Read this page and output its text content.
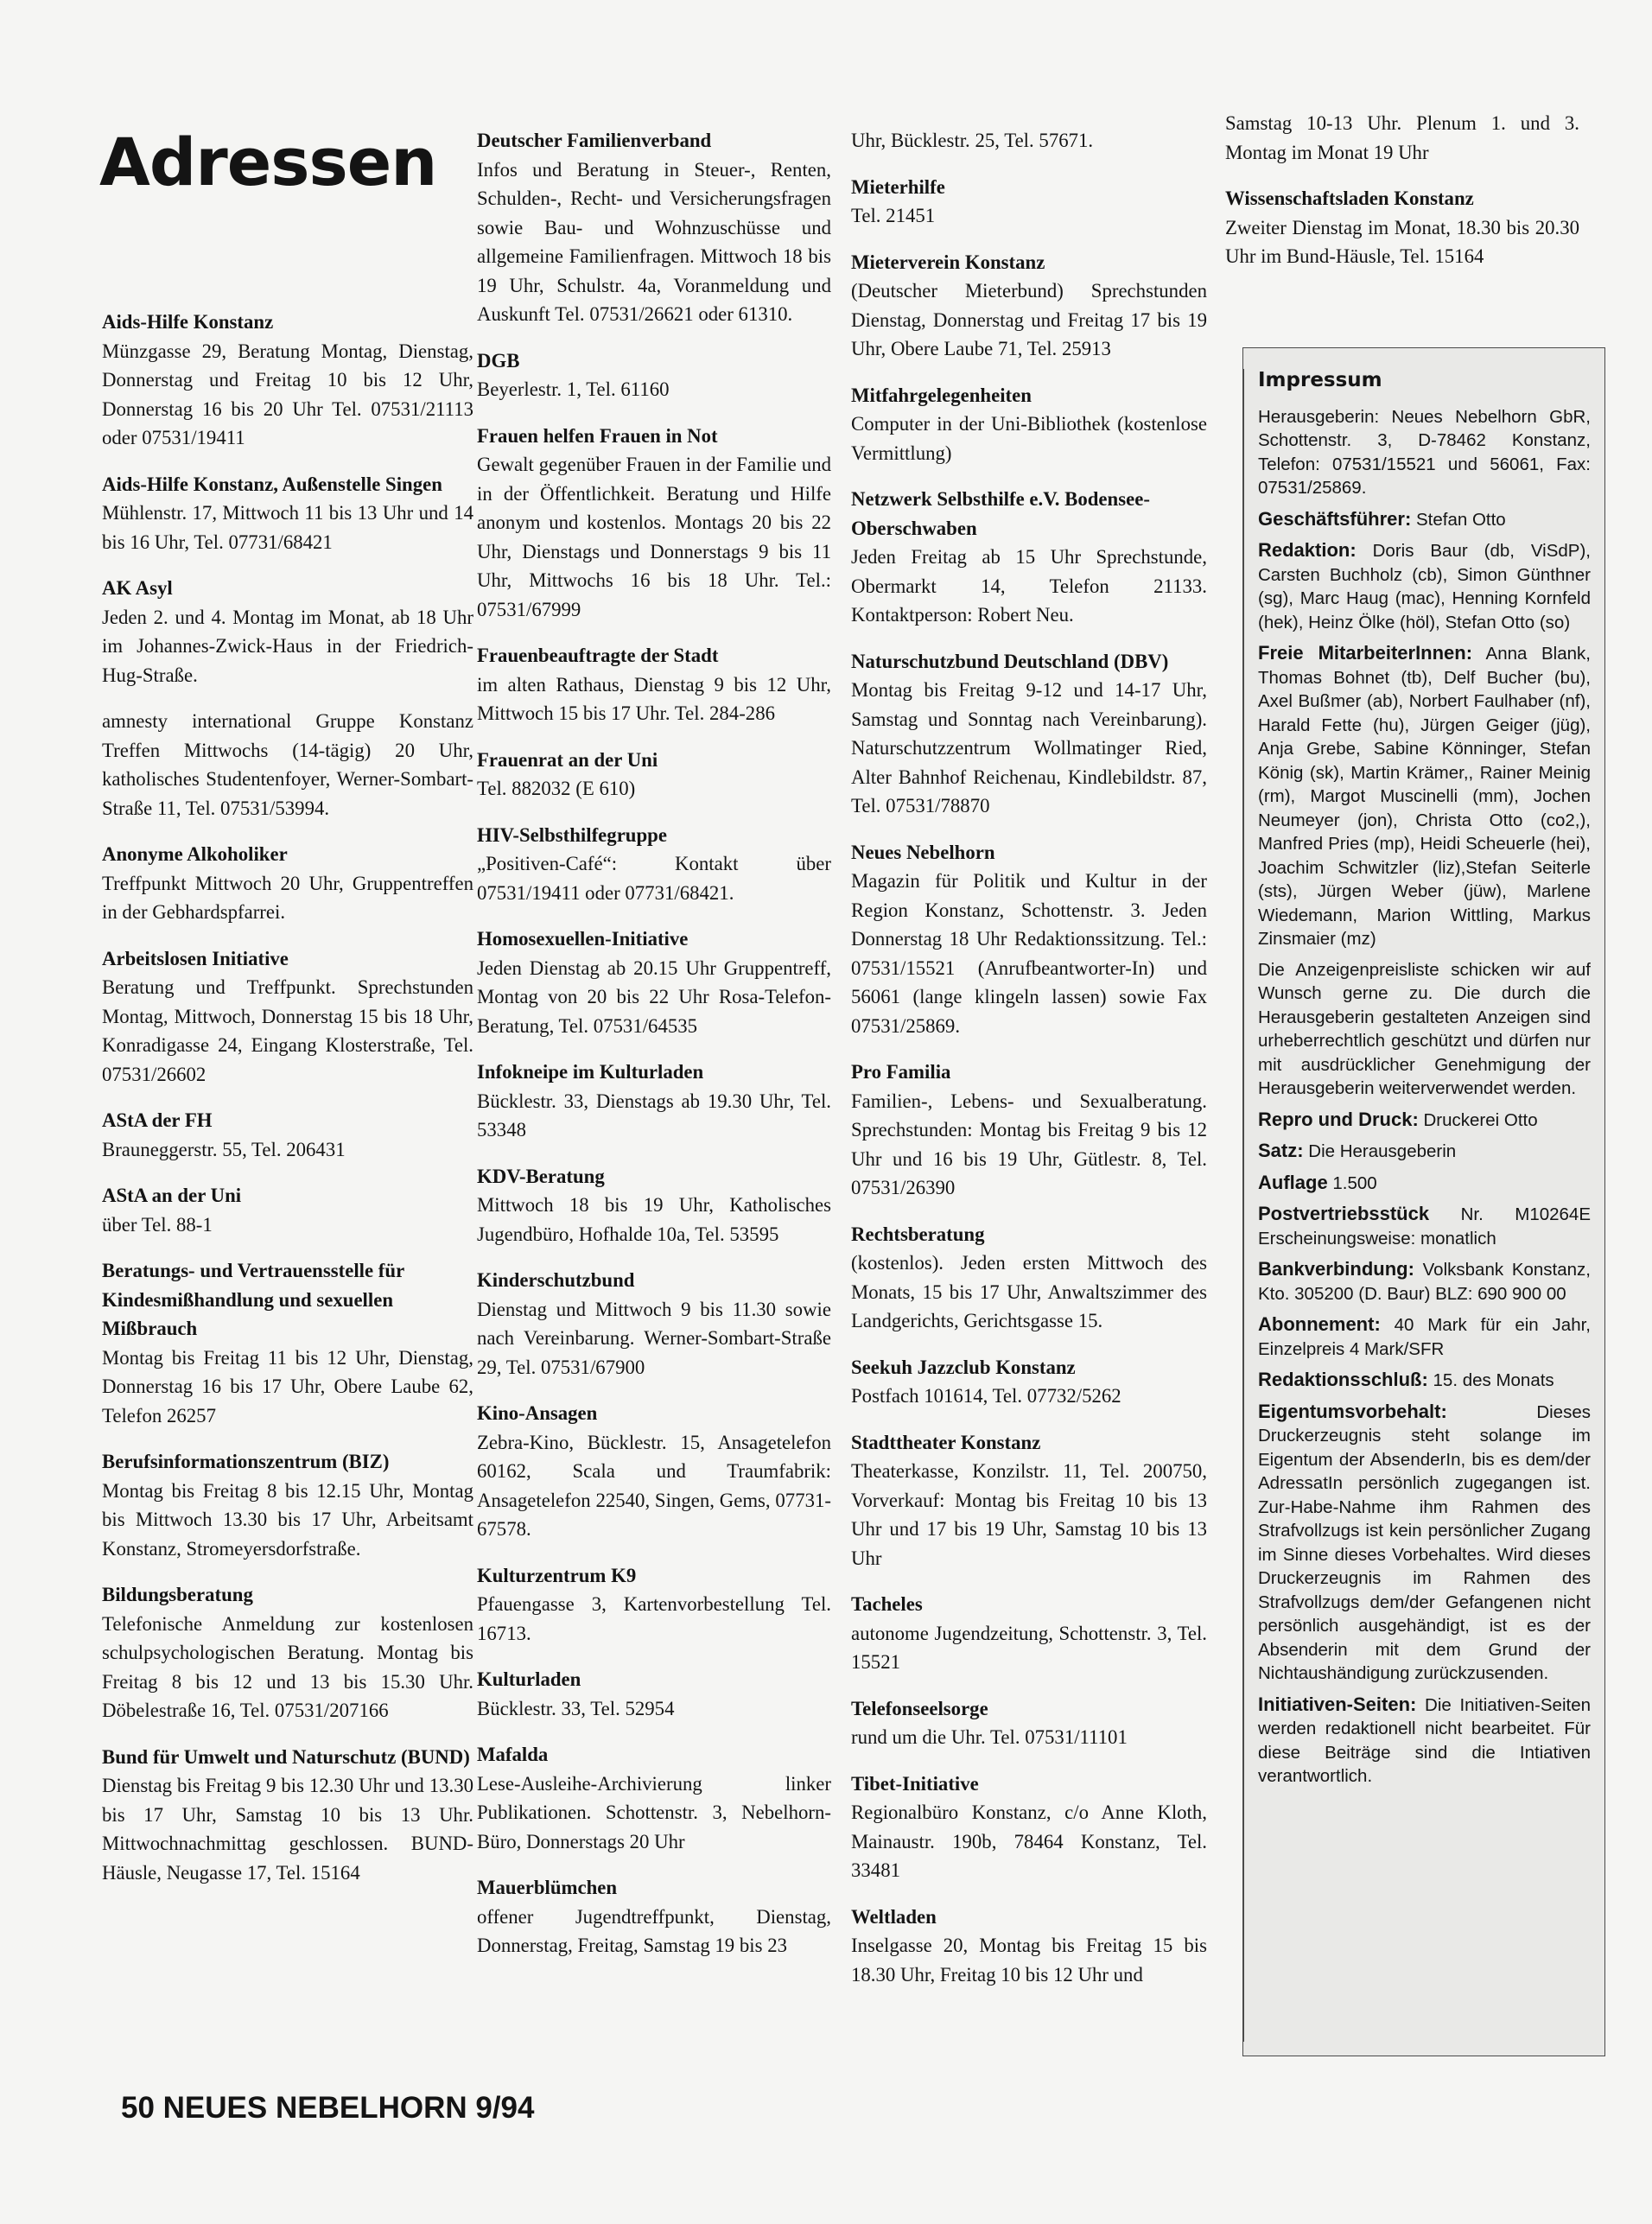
Adressen
Aids-Hilfe Konstanz
Münzgasse 29, Beratung Montag, Dienstag, Donnerstag und Freitag 10 bis 12 Uhr, Donnerstag 16 bis 20 Uhr Tel. 07531/21113 oder 07531/19411
Aids-Hilfe Konstanz, Außenstelle Singen
Mühlenstr. 17, Mittwoch 11 bis 13 Uhr und 14 bis 16 Uhr, Tel. 07731/68421
AK Asyl
Jeden 2. und 4. Montag im Monat, ab 18 Uhr im Johannes-Zwick-Haus in der Friedrich-Hug-Straße.
amnesty international Gruppe Konstanz Treffen Mittwochs (14-tägig) 20 Uhr, katholisches Studentenfoyer, Werner-Sombart-Straße 11, Tel. 07531/53994.
Anonyme Alkoholiker
Treffpunkt Mittwoch 20 Uhr, Gruppentreffen in der Gebhardspfarrei.
Arbeitslosen Initiative
Beratung und Treffpunkt. Sprechstunden Montag, Mittwoch, Donnerstag 15 bis 18 Uhr, Konradigasse 24, Eingang Klosterstraße, Tel. 07531/26602
AStA der FH
Brauneggerstr. 55, Tel. 206431
AStA an der Uni
über Tel. 88-1
Beratungs- und Vertrauensstelle für Kindesmißhandlung und sexuellen Mißbrauch
Montag bis Freitag 11 bis 12 Uhr, Dienstag, Donnerstag 16 bis 17 Uhr, Obere Laube 62, Telefon 26257
Berufsinformationszentrum (BIZ)
Montag bis Freitag 8 bis 12.15 Uhr, Montag bis Mittwoch 13.30 bis 17 Uhr, Arbeitsamt Konstanz, Stromeyersdorfstraße.
Bildungsberatung
Telefonische Anmeldung zur kostenlosen schulpsychologischen Beratung. Montag bis Freitag 8 bis 12 und 13 bis 15.30 Uhr. Döbelestraße 16, Tel. 07531/207166
Bund für Umwelt und Naturschutz (BUND)
Dienstag bis Freitag 9 bis 12.30 Uhr und 13.30 bis 17 Uhr, Samstag 10 bis 13 Uhr. Mittwochnachmittag geschlossen. BUND-Häusle, Neugasse 17, Tel. 15164
Deutscher Familienverband
Infos und Beratung in Steuer-, Renten, Schulden-, Recht- und Versicherungsfragen sowie Bau- und Wohnzuschüsse und allgemeine Familienfragen. Mittwoch 18 bis 19 Uhr, Schulstr. 4a, Voranmeldung und Auskunft Tel. 07531/26621 oder 61310.
DGB
Beyerlestr. 1, Tel. 61160
Frauen helfen Frauen in Not
Gewalt gegenüber Frauen in der Familie und in der Öffentlichkeit. Beratung und Hilfe anonym und kostenlos. Montags 20 bis 22 Uhr, Dienstags und Donnerstags 9 bis 11 Uhr, Mittwochs 16 bis 18 Uhr. Tel.: 07531/67999
Frauenbeauftragte der Stadt
im alten Rathaus, Dienstag 9 bis 12 Uhr, Mittwoch 15 bis 17 Uhr. Tel. 284-286
Frauenrat an der Uni
Tel. 882032 (E 610)
HIV-Selbsthilfegruppe
„Positiven-Café“: Kontakt über 07531/19411 oder 07731/68421.
Homosexuellen-Initiative
Jeden Dienstag ab 20.15 Uhr Gruppentreff, Montag von 20 bis 22 Uhr Rosa-Telefon-Beratung, Tel. 07531/64535
Infokneipe im Kulturladen
Bücklestr. 33, Dienstags ab 19.30 Uhr, Tel. 53348
KDV-Beratung
Mittwoch 18 bis 19 Uhr, Katholisches Jugendbüro, Hofhalde 10a, Tel. 53595
Kinderschutzbund
Dienstag und Mittwoch 9 bis 11.30 sowie nach Vereinbarung. Werner-Sombart-Straße 29, Tel. 07531/67900
Kino-Ansagen
Zebra-Kino, Bücklestr. 15, Ansagetelefon 60162, Scala und Traumfabrik: Ansagetelefon 22540, Singen, Gems, 07731-67578.
Kulturzentrum K9
Pfauengasse 3, Kartenvorbestellung Tel. 16713.
Kulturladen
Bücklestr. 33, Tel. 52954
Mafalda
Lese-Ausleihe-Archivierung linker Publikationen. Schottenstr. 3, Nebelhorn-Büro, Donnerstags 20 Uhr
Mauerblümchen
offener Jugendtreffpunkt, Dienstag, Donnerstag, Freitag, Samstag 19 bis 23
Uhr, Bücklestr. 25, Tel. 57671.
Mieterhilfe
Tel. 21451
Mieterverein Konstanz
(Deutscher Mieterbund) Sprechstunden Dienstag, Donnerstag und Freitag 17 bis 19 Uhr, Obere Laube 71, Tel. 25913
Mitfahrgelegenheiten
Computer in der Uni-Bibliothek (kostenlose Vermittlung)
Netzwerk Selbsthilfe e.V. Bodensee-Oberschwaben
Jeden Freitag ab 15 Uhr Sprechstunde, Obermarkt 14, Telefon 21133. Kontaktperson: Robert Neu.
Naturschutzbund Deutschland (DBV)
Montag bis Freitag 9-12 und 14-17 Uhr, Samstag und Sonntag nach Vereinbarung). Naturschutzzentrum Wollmatinger Ried, Alter Bahnhof Reichenau, Kindlebildstr. 87, Tel. 07531/78870
Neues Nebelhorn
Magazin für Politik und Kultur in der Region Konstanz, Schottenstr. 3. Jeden Donnerstag 18 Uhr Redaktionssitzung. Tel.: 07531/15521 (Anrufbeantworter-In) und 56061 (lange klingeln lassen) sowie Fax 07531/25869.
Pro Familia
Familien-, Lebens- und Sexualberatung. Sprechstunden: Montag bis Freitag 9 bis 12 Uhr und 16 bis 19 Uhr, Gütlestr. 8, Tel. 07531/26390
Rechtsberatung
(kostenlos). Jeden ersten Mittwoch des Monats, 15 bis 17 Uhr, Anwaltszimmer des Landgerichts, Gerichtsgasse 15.
Seekuh Jazzclub Konstanz
Postfach 101614, Tel. 07732/5262
Stadttheater Konstanz
Theaterkasse, Konzilstr. 11, Tel. 200750, Vorverkauf: Montag bis Freitag 10 bis 13 Uhr und 17 bis 19 Uhr, Samstag 10 bis 13 Uhr
Tacheles
autonome Jugendzeitung, Schottenstr. 3, Tel. 15521
Telefonseelsorge
rund um die Uhr. Tel. 07531/11101
Tibet-Initiative
Regionalbüro Konstanz, c/o Anne Kloth, Mainaustr. 190b, 78464 Konstanz, Tel. 33481
Weltladen
Inselgasse 20, Montag bis Freitag 15 bis 18.30 Uhr, Freitag 10 bis 12 Uhr und
Samstag 10-13 Uhr. Plenum 1. und 3. Montag im Monat 19 Uhr
Wissenschaftsladen Konstanz
Zweiter Dienstag im Monat, 18.30 bis 20.30 Uhr im Bund-Häusle, Tel. 15164
Impressum
Herausgeberin: Neues Nebelhorn GbR, Schottenstr. 3, D-78462 Konstanz, Telefon: 07531/15521 und 56061, Fax: 07531/25869.
Geschäftsführer: Stefan Otto
Redaktion: Doris Baur (db, ViSdP), Carsten Buchholz (cb), Simon Günthner (sg), Marc Haug (mac), Henning Kornfeld (hek), Heinz Ölke (höl), Stefan Otto (so)
Freie MitarbeiterInnen: Anna Blank, Thomas Bohnet (tb), Delf Bucher (bu), Axel Bußmer (ab), Norbert Faulhaber (nf), Harald Fette (hu), Jürgen Geiger (jüg), Anja Grebe, Sabine Könninger, Stefan König (sk), Martin Krämer,, Rainer Meinig (rm), Margot Muscinelli (mm), Jochen Neumeyer (jon), Christa Otto (co2,), Manfred Pries (mp), Heidi Scheuerle (hei), Joachim Schwitzler (liz),Stefan Seiterle (sts), Jürgen Weber (jüw), Marlene Wiedemann, Marion Wittling, Markus Zinsmaier (mz)
Die Anzeigenpreisliste schicken wir auf Wunsch gerne zu. Die durch die Herausgeberin gestalteten Anzeigen sind urheberrechtlich geschützt und dürfen nur mit ausdrücklicher Genehmigung der Herausgeberin weiterverwendet werden.
Repro und Druck: Druckerei Otto
Satz: Die Herausgeberin
Auflage 1.500
Postvertriebsstück Nr. M10264E Erscheinungsweise: monatlich
Bankverbindung: Volksbank Konstanz, Kto. 305200 (D. Baur) BLZ: 690 900 00
Abonnement: 40 Mark für ein Jahr, Einzelpreis 4 Mark/SFR
Redaktionsschluß: 15. des Monats
Eigentumsvorbehalt:	Dieses Druckerzeugnis steht solange im Eigentum der AbsenderIn, bis es dem/der AdressatIn persönlich zugegangen ist. Zur-Habe-Nahme ihm Rahmen des Strafvollzugs ist kein persönlicher Zugang im Sinne dieses Vorbehaltes. Wird dieses Druckerzeugnis im Rahmen des Strafvollzugs dem/der Gefangenen nicht persönlich ausgehändigt, ist es der Absenderin mit dem Grund der Nichtaushändigung zurückzusenden.
Initiativen-Seiten: Die Initiativen-Seiten werden redaktionell nicht bearbeitet. Für diese Beiträge sind die Intiativen verantwortlich.
50 NEUES NEBELHORN 9/94
